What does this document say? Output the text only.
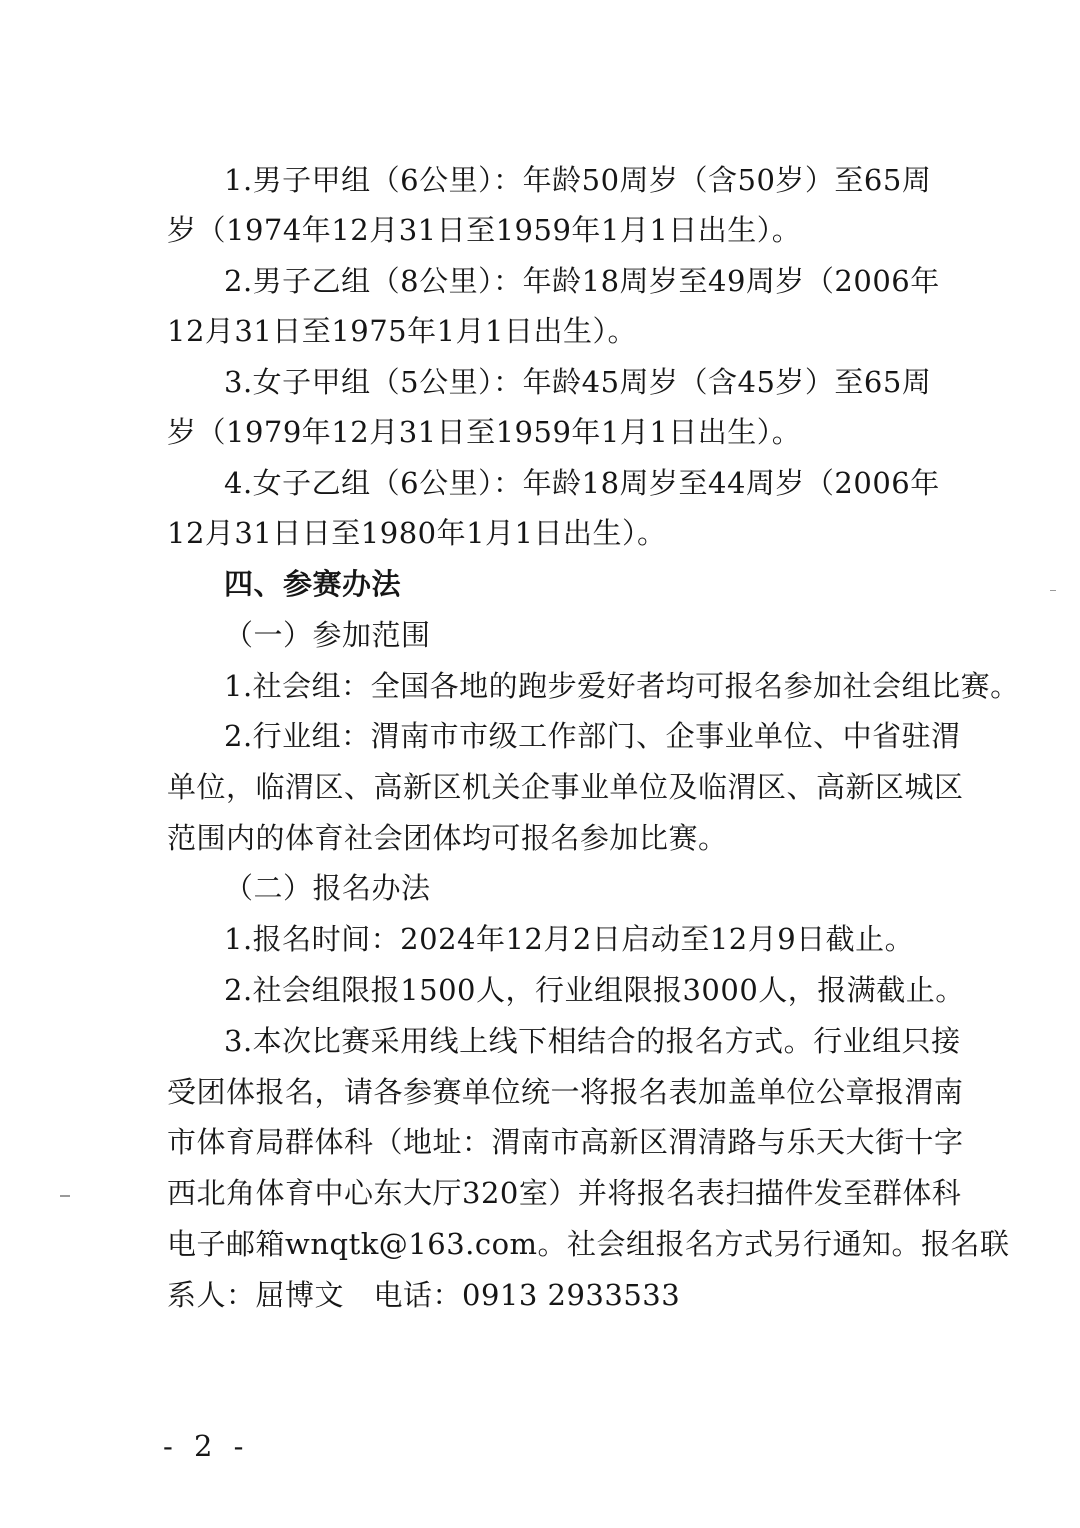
1.男子甲组（6公里）：年龄50周岁（含50岁）至65周
岁（1974年12月31日至1959年1月1日出生）。
2.男子乙组（8公里）：年龄18周岁至49周岁（2006年
12月31日至1975年1月1日出生）。
3.女子甲组（5公里）：年龄45周岁（含45岁）至65周
岁（1979年12月31日至1959年1月1日出生）。
4.女子乙组（6公里）：年龄18周岁至44周岁（2006年
12月31日日至1980年1月1日出生）。
四、参赛办法
（一）参加范围
1.社会组：全国各地的跑步爱好者均可报名参加社会组比赛。
2.行业组：渭南市市级工作部门、企事业单位、中省驻渭
单位，临渭区、高新区机关企事业单位及临渭区、高新区城区
范围内的体育社会团体均可报名参加比赛。
（二）报名办法
1.报名时间：2024年12月2日启动至12月9日截止。
2.社会组限报1500人，行业组限报3000人，报满截止。
3.本次比赛采用线上线下相结合的报名方式。行业组只接
受团体报名，请各参赛单位统一将报名表加盖单位公章报渭南
市体育局群体科（地址：渭南市高新区渭清路与乐天大街十字
西北角体育中心东大厅320室）并将报名表扫描件发至群体科
电子邮箱wnqtk@163.com。社会组报名方式另行通知。报名联
系人：屈博文　电话：0913 2933533
- 2 -
